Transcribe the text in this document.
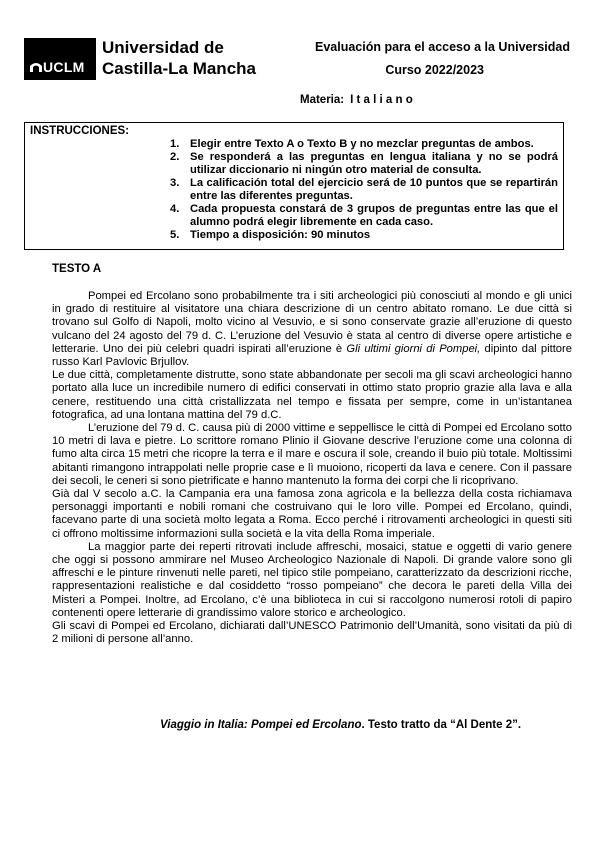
UCLM
Universidad de
Castilla-La Mancha
Evaluación para el acceso a la Universidad
Curso 2022/2023
Materia: Italiano
INSTRUCCIONES:
1. Elegir entre Texto A o Texto B y no mezclar preguntas de ambos.
2. Se responderá a las preguntas en lengua italiana y no se podrá utilizar diccionario ni ningún otro material de consulta.
3. La calificación total del ejercicio será de 10 puntos que se repartirán entre las diferentes preguntas.
4. Cada propuesta constará de 3 grupos de preguntas entre las que el alumno podrá elegir libremente en cada caso.
5. Tiempo a disposición: 90 minutos
TESTO A

Pompei ed Ercolano sono probabilmente tra i siti archeologici più conosciuti al mondo e gli unici in grado di restituire al visitatore una chiara descrizione di un centro abitato romano. Le due città si trovano sul Golfo di Napoli, molto vicino al Vesuvio, e si sono conservate grazie all’eruzione di questo vulcano del 24 agosto del 79 d. C. L’eruzione del Vesuvio è stata al centro di diverse opere artistiche e letterarie. Uno dei più celebri quadri ispirati all’eruzione è Gli ultimi giorni di Pompei, dipinto dal pittore russo Karl Pavlovic Brjullov.

Le due città, completamente distrutte, sono state abbandonate per secoli ma gli scavi archeologici hanno portato alla luce un incredibile numero di edifici conservati in ottimo stato proprio grazie alla lava e alla cenere, restituendo una città cristallizzata nel tempo e fissata per sempre, come in un’istantanea fotografica, ad una lontana mattina del 79 d.C.

L’eruzione del 79 d. C. causa più di 2000 vittime e seppellisce le città di Pompei ed Ercolano sotto 10 metri di lava e pietre. Lo scrittore romano Plinio il Giovane descrive l’eruzione come una colonna di fumo alta circa 15 metri che ricopre la terra e il mare e oscura il sole, creando il buio più totale. Moltissimi abitanti rimangono intrappolati nelle proprie case e lì muoiono, ricoperti da lava e cenere. Con il passare dei secoli, le ceneri si sono pietrificate e hanno mantenuto la forma dei corpi che li ricoprivano.

Già dal V secolo a.C. la Campania era una famosa zona agricola e la bellezza della costa richiamava personaggi importanti e nobili romani che costruivano qui le loro ville. Pompei ed Ercolano, quindi, facevano parte di una società molto legata a Roma. Ecco perché i ritrovamenti archeologici in questi siti ci offrono moltissime informazioni sulla società e la vita della Roma imperiale.

La maggior parte dei reperti ritrovati include affreschi, mosaici, statue e oggetti di vario genere che oggi si possono ammirare nel Museo Archeologico Nazionale di Napoli. Di grande valore sono gli affreschi e le pinture rinvenuti nelle pareti, nel tipico stile pompeiano, caratterizzato da descrizioni ricche, rappresentazioni realistiche e dal cosiddetto “rosso pompeiano” che decora le pareti della Villa dei Misteri a Pompei. Inoltre, ad Ercolano, c’è una biblioteca in cui si raccolgono numerosi rotoli di papiro contenenti opere letterarie di grandissimo valore storico e archeologico.

Gli scavi di Pompei ed Ercolano, dichiarati dall’UNESCO Patrimonio dell’Umanità, sono visitati da più di 2 milioni di persone all’anno.

Viaggio in Italia: Pompei ed Ercolano. Testo tratto da “Al Dente 2”.
